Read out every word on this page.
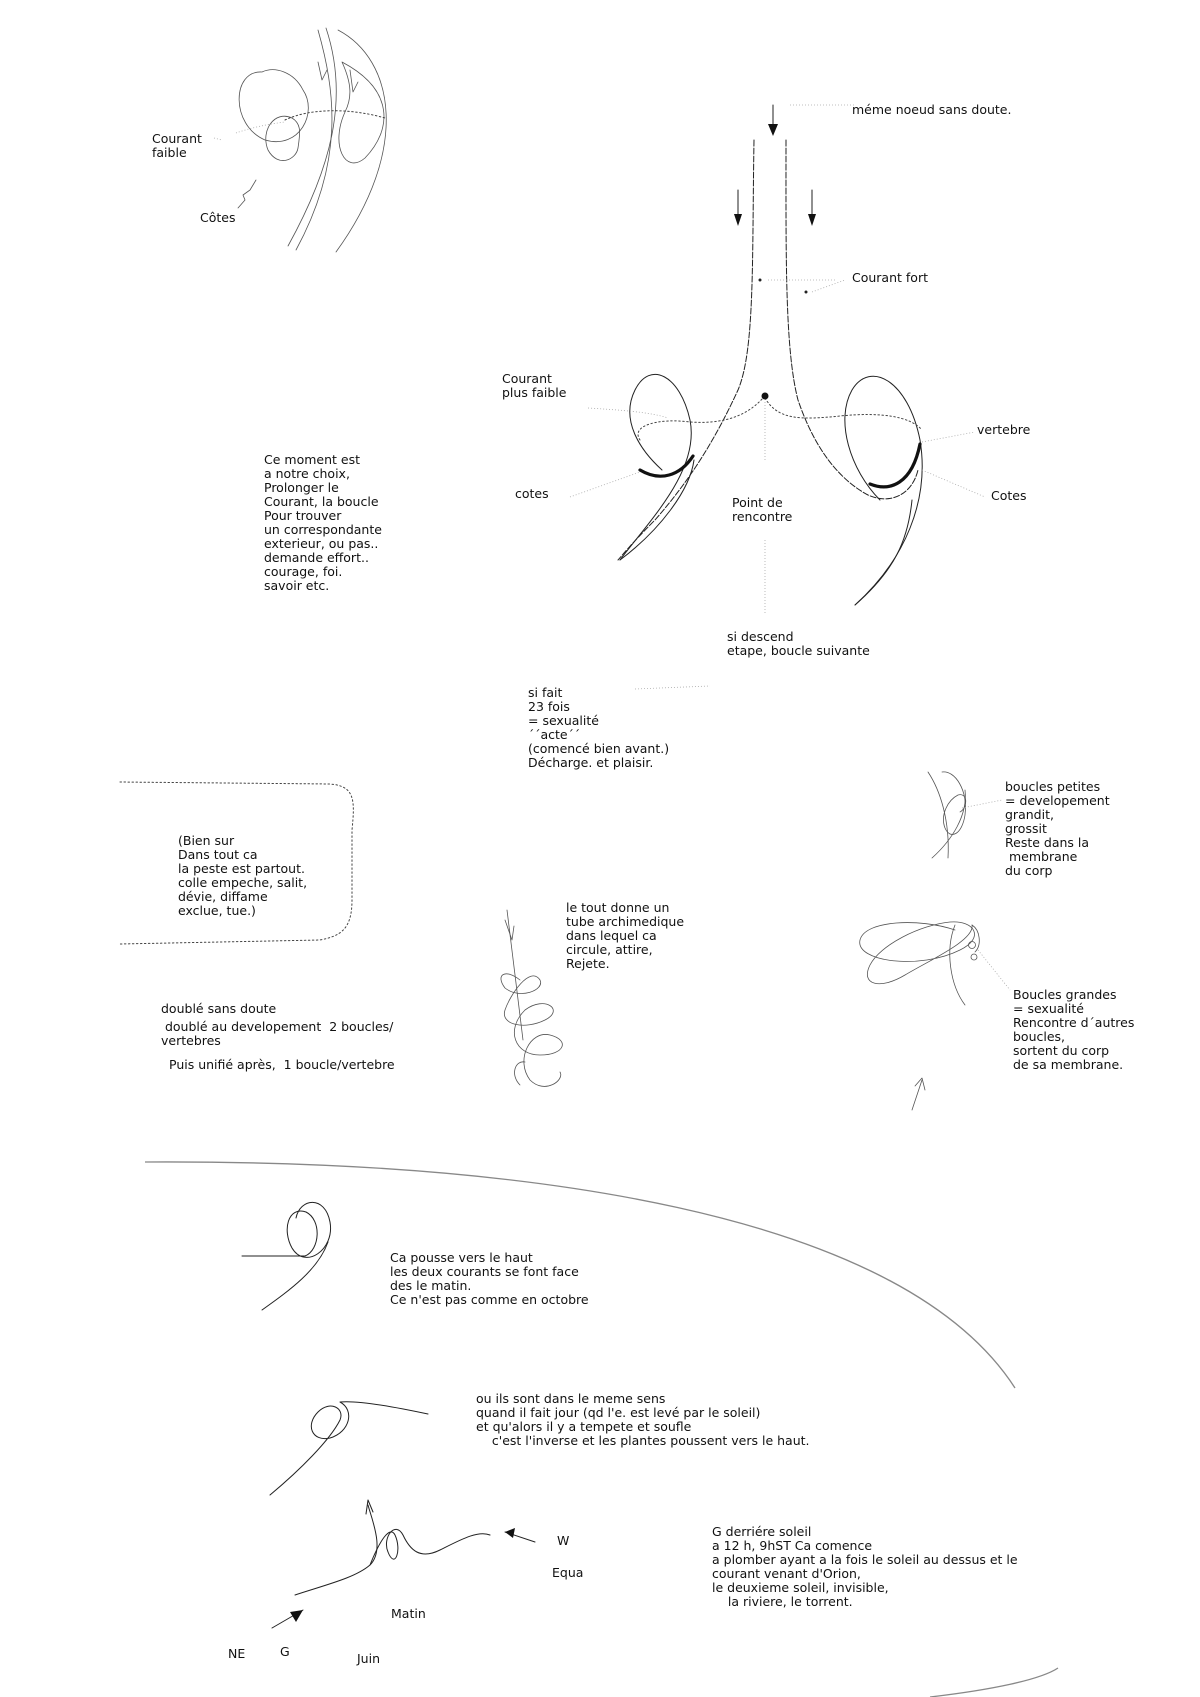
Courant
faible

Côtes

méme noeud sans doute.

Courant fort

Courant
plus faible

vertebre

cotes	Cotes

Point de
rencontre

Ce moment est
a notre choix,
Prolonger le
Courant, la boucle
Pour trouver
un correspondante
exterieur, ou pas..
demande effort..
courage, foi.
savoir etc.

si descend
etape, boucle suivante

si fait
23 fois
= sexualité
´´acte´´
(comencé bien avant.)
Décharge. et plaisir.

(Bien sur
Dans tout ca
la peste est partout.
colle empeche, salit,
dévie, diffame
exclue, tue.)

boucles petites
= developement
grandit,
grossit
Reste dans la
membrane
du corp

le tout donne un
tube archimedique
dans lequel ca
circule, attire,
Rejete.

Boucles grandes
= sexualité
Rencontre d´autres
boucles,
sortent du corp
de sa membrane.

doublé sans doute

doublé au developement  2 boucles/
vertebres

Puis unifié après,  1 boucle/vertebre

Ca pousse vers le haut
les deux courants se font face
des le matin.
Ce n'est pas comme en octobre

ou ils sont dans le meme sens
quand il fait jour (qd l'e. est levé par le soleil)
et qu'alors il y a tempete et soufle
c'est l'inverse et les plantes poussent vers le haut.

W

Equa

Matin

NE	G	Juin

G derriére soleil
a 12 h, 9hST Ca comence
a plomber ayant a la fois le soleil au dessus et le
courant venant d'Orion,
le deuxieme soleil, invisible,
la riviere, le torrent.
